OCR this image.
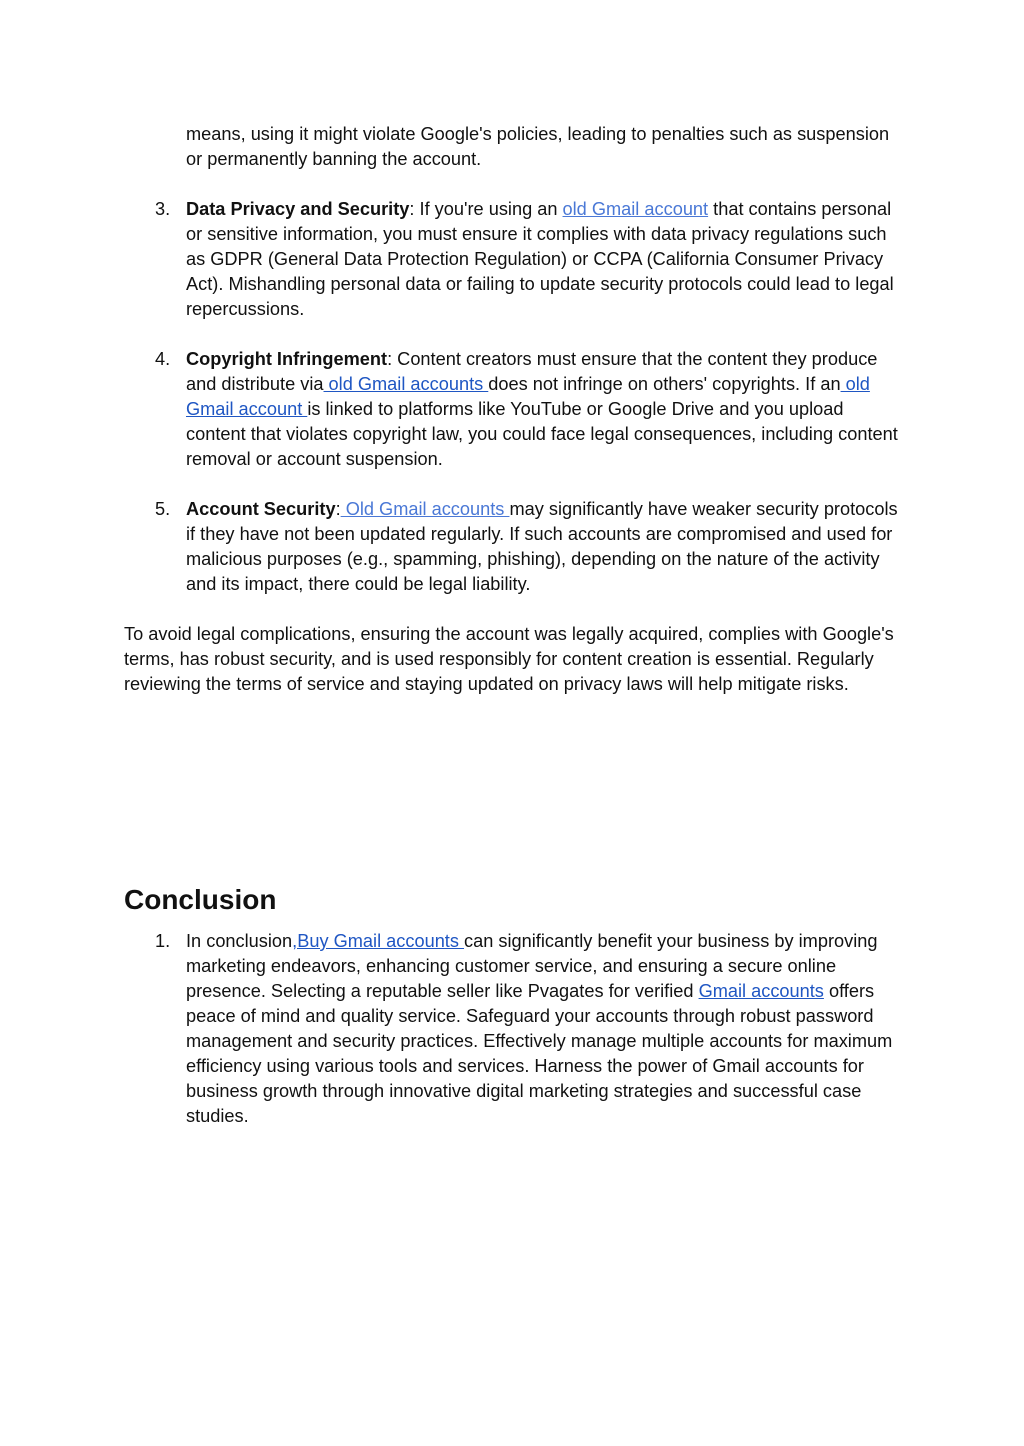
means, using it might violate Google's policies, leading to penalties such as suspension or permanently banning the account.

3. Data Privacy and Security: If you're using an old Gmail account that contains personal or sensitive information, you must ensure it complies with data privacy regulations such as GDPR (General Data Protection Regulation) or CCPA (California Consumer Privacy Act). Mishandling personal data or failing to update security protocols could lead to legal repercussions.

4. Copyright Infringement: Content creators must ensure that the content they produce and distribute via old Gmail accounts does not infringe on others' copyrights. If an old Gmail account is linked to platforms like YouTube or Google Drive and you upload content that violates copyright law, you could face legal consequences, including content removal or account suspension.

5. Account Security: Old Gmail accounts may significantly have weaker security protocols if they have not been updated regularly. If such accounts are compromised and used for malicious purposes (e.g., spamming, phishing), depending on the nature of the activity and its impact, there could be legal liability.

To avoid legal complications, ensuring the account was legally acquired, complies with Google's terms, has robust security, and is used responsibly for content creation is essential. Regularly reviewing the terms of service and staying updated on privacy laws will help mitigate risks.

Conclusion
1. In conclusion,Buy Gmail accounts can significantly benefit your business by improving marketing endeavors, enhancing customer service, and ensuring a secure online presence. Selecting a reputable seller like Pvagates for verified Gmail accounts offers peace of mind and quality service. Safeguard your accounts through robust password management and security practices. Effectively manage multiple accounts for maximum efficiency using various tools and services. Harness the power of Gmail accounts for business growth through innovative digital marketing strategies and successful case studies.
